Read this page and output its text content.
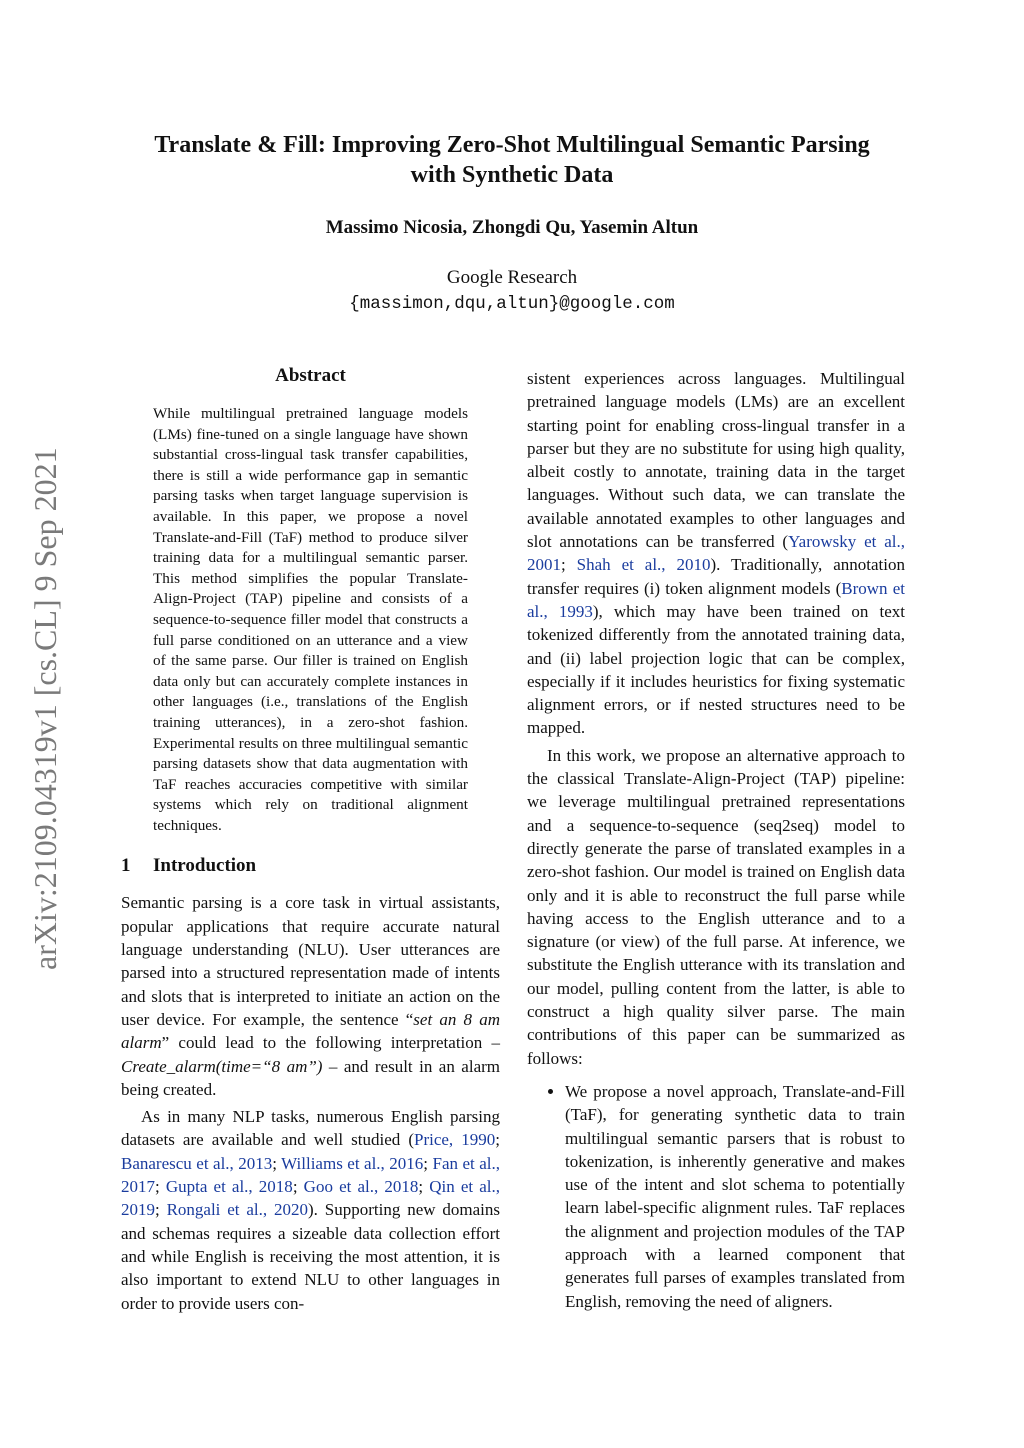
arXiv:2109.04319v1 [cs.CL] 9 Sep 2021
Translate & Fill: Improving Zero-Shot Multilingual Semantic Parsing
with Synthetic Data
Massimo Nicosia, Zhongdi Qu, Yasemin Altun
Google Research
{massimon,dqu,altun}@google.com
Abstract

While multilingual pretrained language models (LMs) fine-tuned on a single language have shown substantial cross-lingual task transfer capabilities, there is still a wide performance gap in semantic parsing tasks when target language supervision is available. In this paper, we propose a novel Translate-and-Fill (TaF) method to produce silver training data for a multilingual semantic parser. This method simplifies the popular Translate-Align-Project (TAP) pipeline and consists of a sequence-to-sequence filler model that constructs a full parse conditioned on an utterance and a view of the same parse. Our filler is trained on English data only but can accurately complete instances in other languages (i.e., translations of the English training utterances), in a zero-shot fashion. Experimental results on three multilingual semantic parsing datasets show that data augmentation with TaF reaches accuracies competitive with similar systems which rely on traditional alignment techniques.

1 Introduction

Semantic parsing is a core task in virtual assistants, popular applications that require accurate natural language understanding (NLU). User utterances are parsed into a structured representation made of intents and slots that is interpreted to initiate an action on the user device. For example, the sentence “set an 8 am alarm” could lead to the following interpretation – Create_alarm(time=“8 am”) – and result in an alarm being created.

As in many NLP tasks, numerous English parsing datasets are available and well studied (Price, 1990; Banarescu et al., 2013; Williams et al., 2016; Fan et al., 2017; Gupta et al., 2018; Goo et al., 2018; Qin et al., 2019; Rongali et al., 2020). Supporting new domains and schemas requires a sizeable data collection effort and while English is receiving the most attention, it is also important to extend NLU to other languages in order to provide users con-

sistent experiences across languages. Multilingual pretrained language models (LMs) are an excellent starting point for enabling cross-lingual transfer in a parser but they are no substitute for using high quality, albeit costly to annotate, training data in the target languages. Without such data, we can translate the available annotated examples to other languages and slot annotations can be transferred (Yarowsky et al., 2001; Shah et al., 2010). Traditionally, annotation transfer requires (i) token alignment models (Brown et al., 1993), which may have been trained on text tokenized differently from the annotated training data, and (ii) label projection logic that can be complex, especially if it includes heuristics for fixing systematic alignment errors, or if nested structures need to be mapped.

In this work, we propose an alternative approach to the classical Translate-Align-Project (TAP) pipeline: we leverage multilingual pretrained representations and a sequence-to-sequence (seq2seq) model to directly generate the parse of translated examples in a zero-shot fashion. Our model is trained on English data only and it is able to reconstruct the full parse while having access to the English utterance and to a signature (or view) of the full parse. At inference, we substitute the English utterance with its translation and our model, pulling content from the latter, is able to construct a high quality silver parse. The main contributions of this paper can be summarized as follows:

• We propose a novel approach, Translate-and-Fill (TaF), for generating synthetic data to train multilingual semantic parsers that is robust to tokenization, is inherently generative and makes use of the intent and slot schema to potentially learn label-specific alignment rules. TaF replaces the alignment and projection modules of the TAP approach with a learned component that generates full parses of examples translated from English, removing the need of aligners.
